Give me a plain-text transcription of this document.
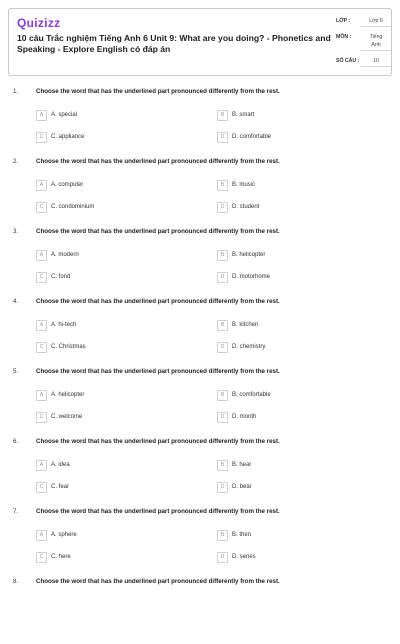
Quizizz
10 câu Trắc nghiệm Tiếng Anh 6 Unit 9: What are you doing? - Phonetics and Speaking - Explore English có đáp án
LỚP :	Lớp 6
MÔN :	Tiếng
Anh
SỐ CÂU :	10
1.	Choose the word that has the underlined part pronounced differently from the rest.
A	A. special	B	B. smart
C	C. appliance	D	D. comfortable
2.	Choose the word that has the underlined part pronounced differently from the rest.
A	A. computer	B	B. music
C	C. condominium	D	D. student
3.	Choose the word that has the underlined part pronounced differently from the rest.
A	A. modern	B	B. helicopter
C	C. fond	D	D. motorhome
4.	Choose the word that has the underlined part pronounced differently from the rest.
A	A. hi-tech	B	B. kitchen
C	C. Christmas	D	D. chemistry
5.	Choose the word that has the underlined part pronounced differently from the rest.
A	A. helicopter	B	B. comfortable
C	C. welcome	D	D. month
6.	Choose the word that has the underlined part pronounced differently from the rest.
A	A. idea	B	B. hear
C	C. fear	D	D. bear
7.	Choose the word that has the underlined part pronounced differently from the rest.
A	A. sphere	B	B. then
C	C. here	D	D. series
8.	Choose the word that has the underlined part pronounced differently from the rest.
